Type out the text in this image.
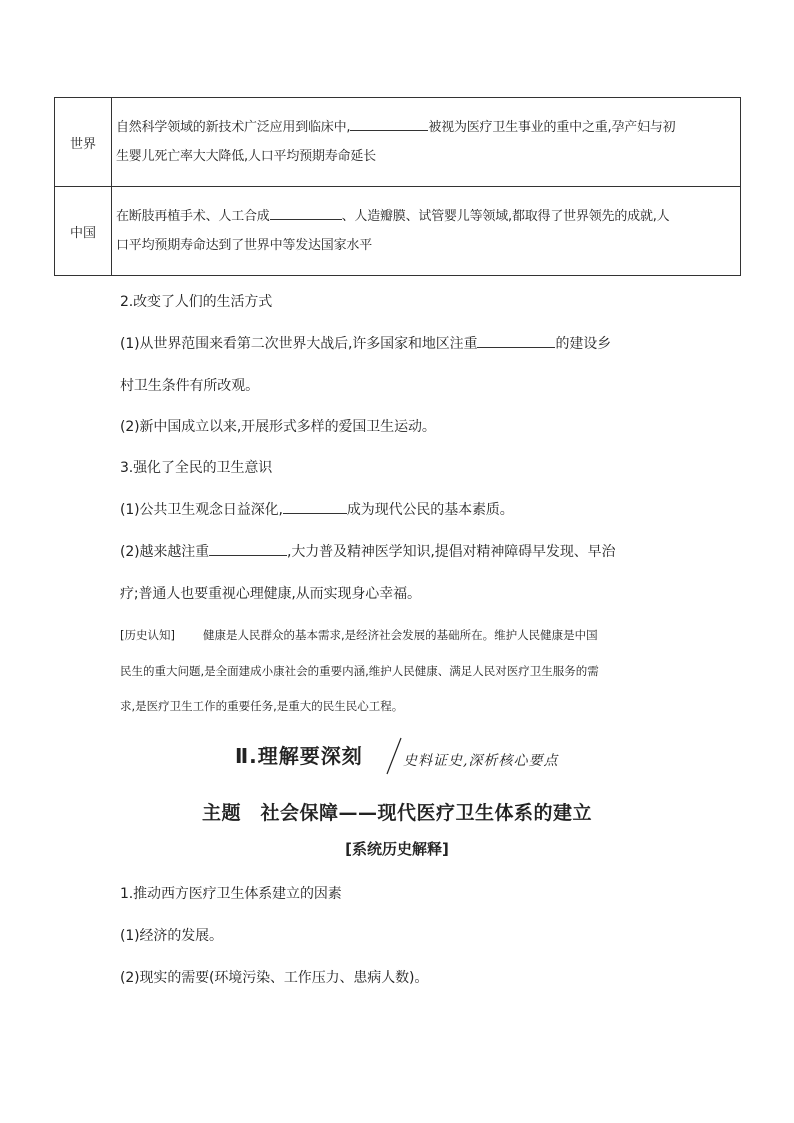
世界	自然科学领域的新技术广泛应用到临床中, 被视为医疗卫生事业的重中之重,孕产妇与初
生婴儿死亡率大大降低,人口平均预期寿命延长
中国	在断肢再植手术、人工合成 、人造瓣膜、试管婴儿等领域,都取得了世界领先的成就,人
口平均预期寿命达到了世界中等发达国家水平
2.改变了人们的生活方式
(1)从世界范围来看第二次世界大战后,许多国家和地区注重	的建设乡
村卫生条件有所改观。
(2)新中国成立以来,开展形式多样的爱国卫生运动。
3.强化了全民的卫生意识
(1)公共卫生观念日益深化,	成为现代公民的基本素质。
(2)越来越注重	,大力普及精神医学知识,提倡对精神障碍早发现、早治
疗;普通人也要重视心理健康,从而实现身心幸福。
[历史认知] 健康是人民群众的基本需求,是经济社会发展的基础所在。维护人民健康是中国
民生的重大问题,是全面建成小康社会的重要内涵,维护人民健康、满足人民对医疗卫生服务的需
求,是医疗卫生工作的重要任务,是重大的民生民心工程。
Ⅱ.理解要深刻	史料证史,深析核心要点
主题　社会保障——现代医疗卫生体系的建立
[系统历史解释]
1.推动西方医疗卫生体系建立的因素
(1)经济的发展。
(2)现实的需要(环境污染、工作压力、患病人数)。
